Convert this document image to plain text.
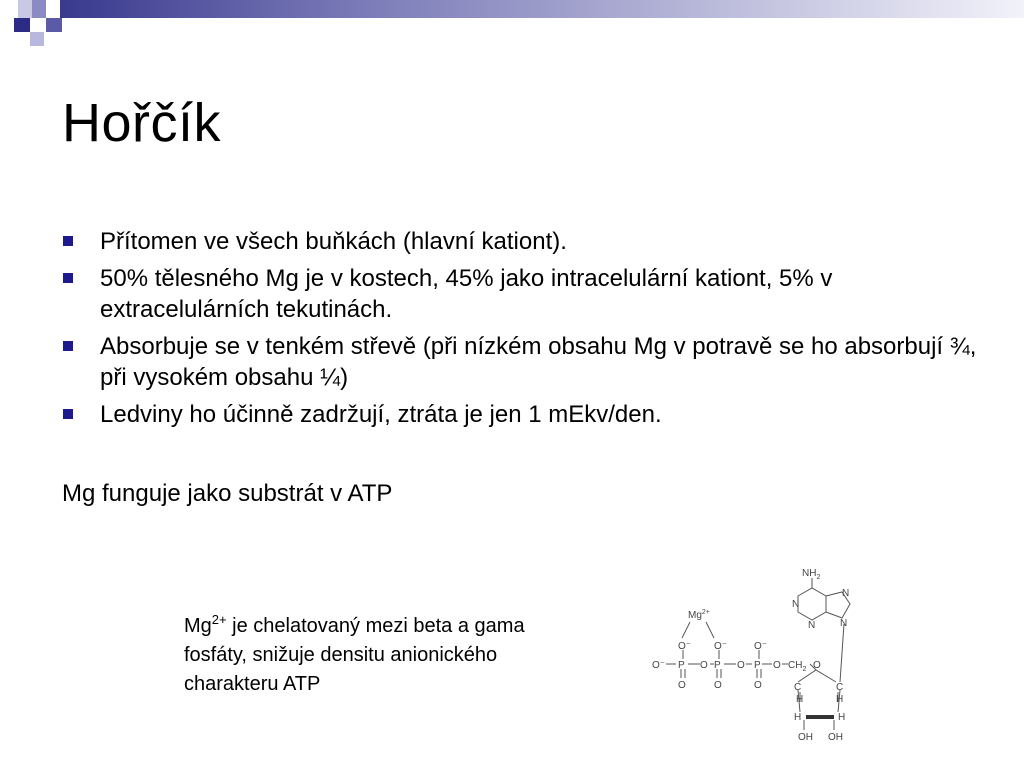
Hořčík
Přítomen ve všech buňkách (hlavní kationt).
50% tělesného Mg je v kostech, 45% jako intracelulární kationt, 5% v extracelulárních tekutinách.
Absorbuje se v tenkém střevě (při nízkém obsahu Mg v potravě se ho absorbují ¾, při vysokém obsahu ¼)
Ledviny ho účinně zadržují, ztráta je jen 1 mEkv/den.

Mg funguje jako substrát v ATP

$Mg^{2+}$ je chelatovaný mezi beta a gama fosfáty, snižuje densitu anionického charakteru ATP

$Mg^{2+}$
O⁻ O⁻	O⁻
O⁻ P O P O P O $CH_2$
O	O	O
O
C	C
H	H
H	H
OH OH
$NH_2$
N
N
N
N
